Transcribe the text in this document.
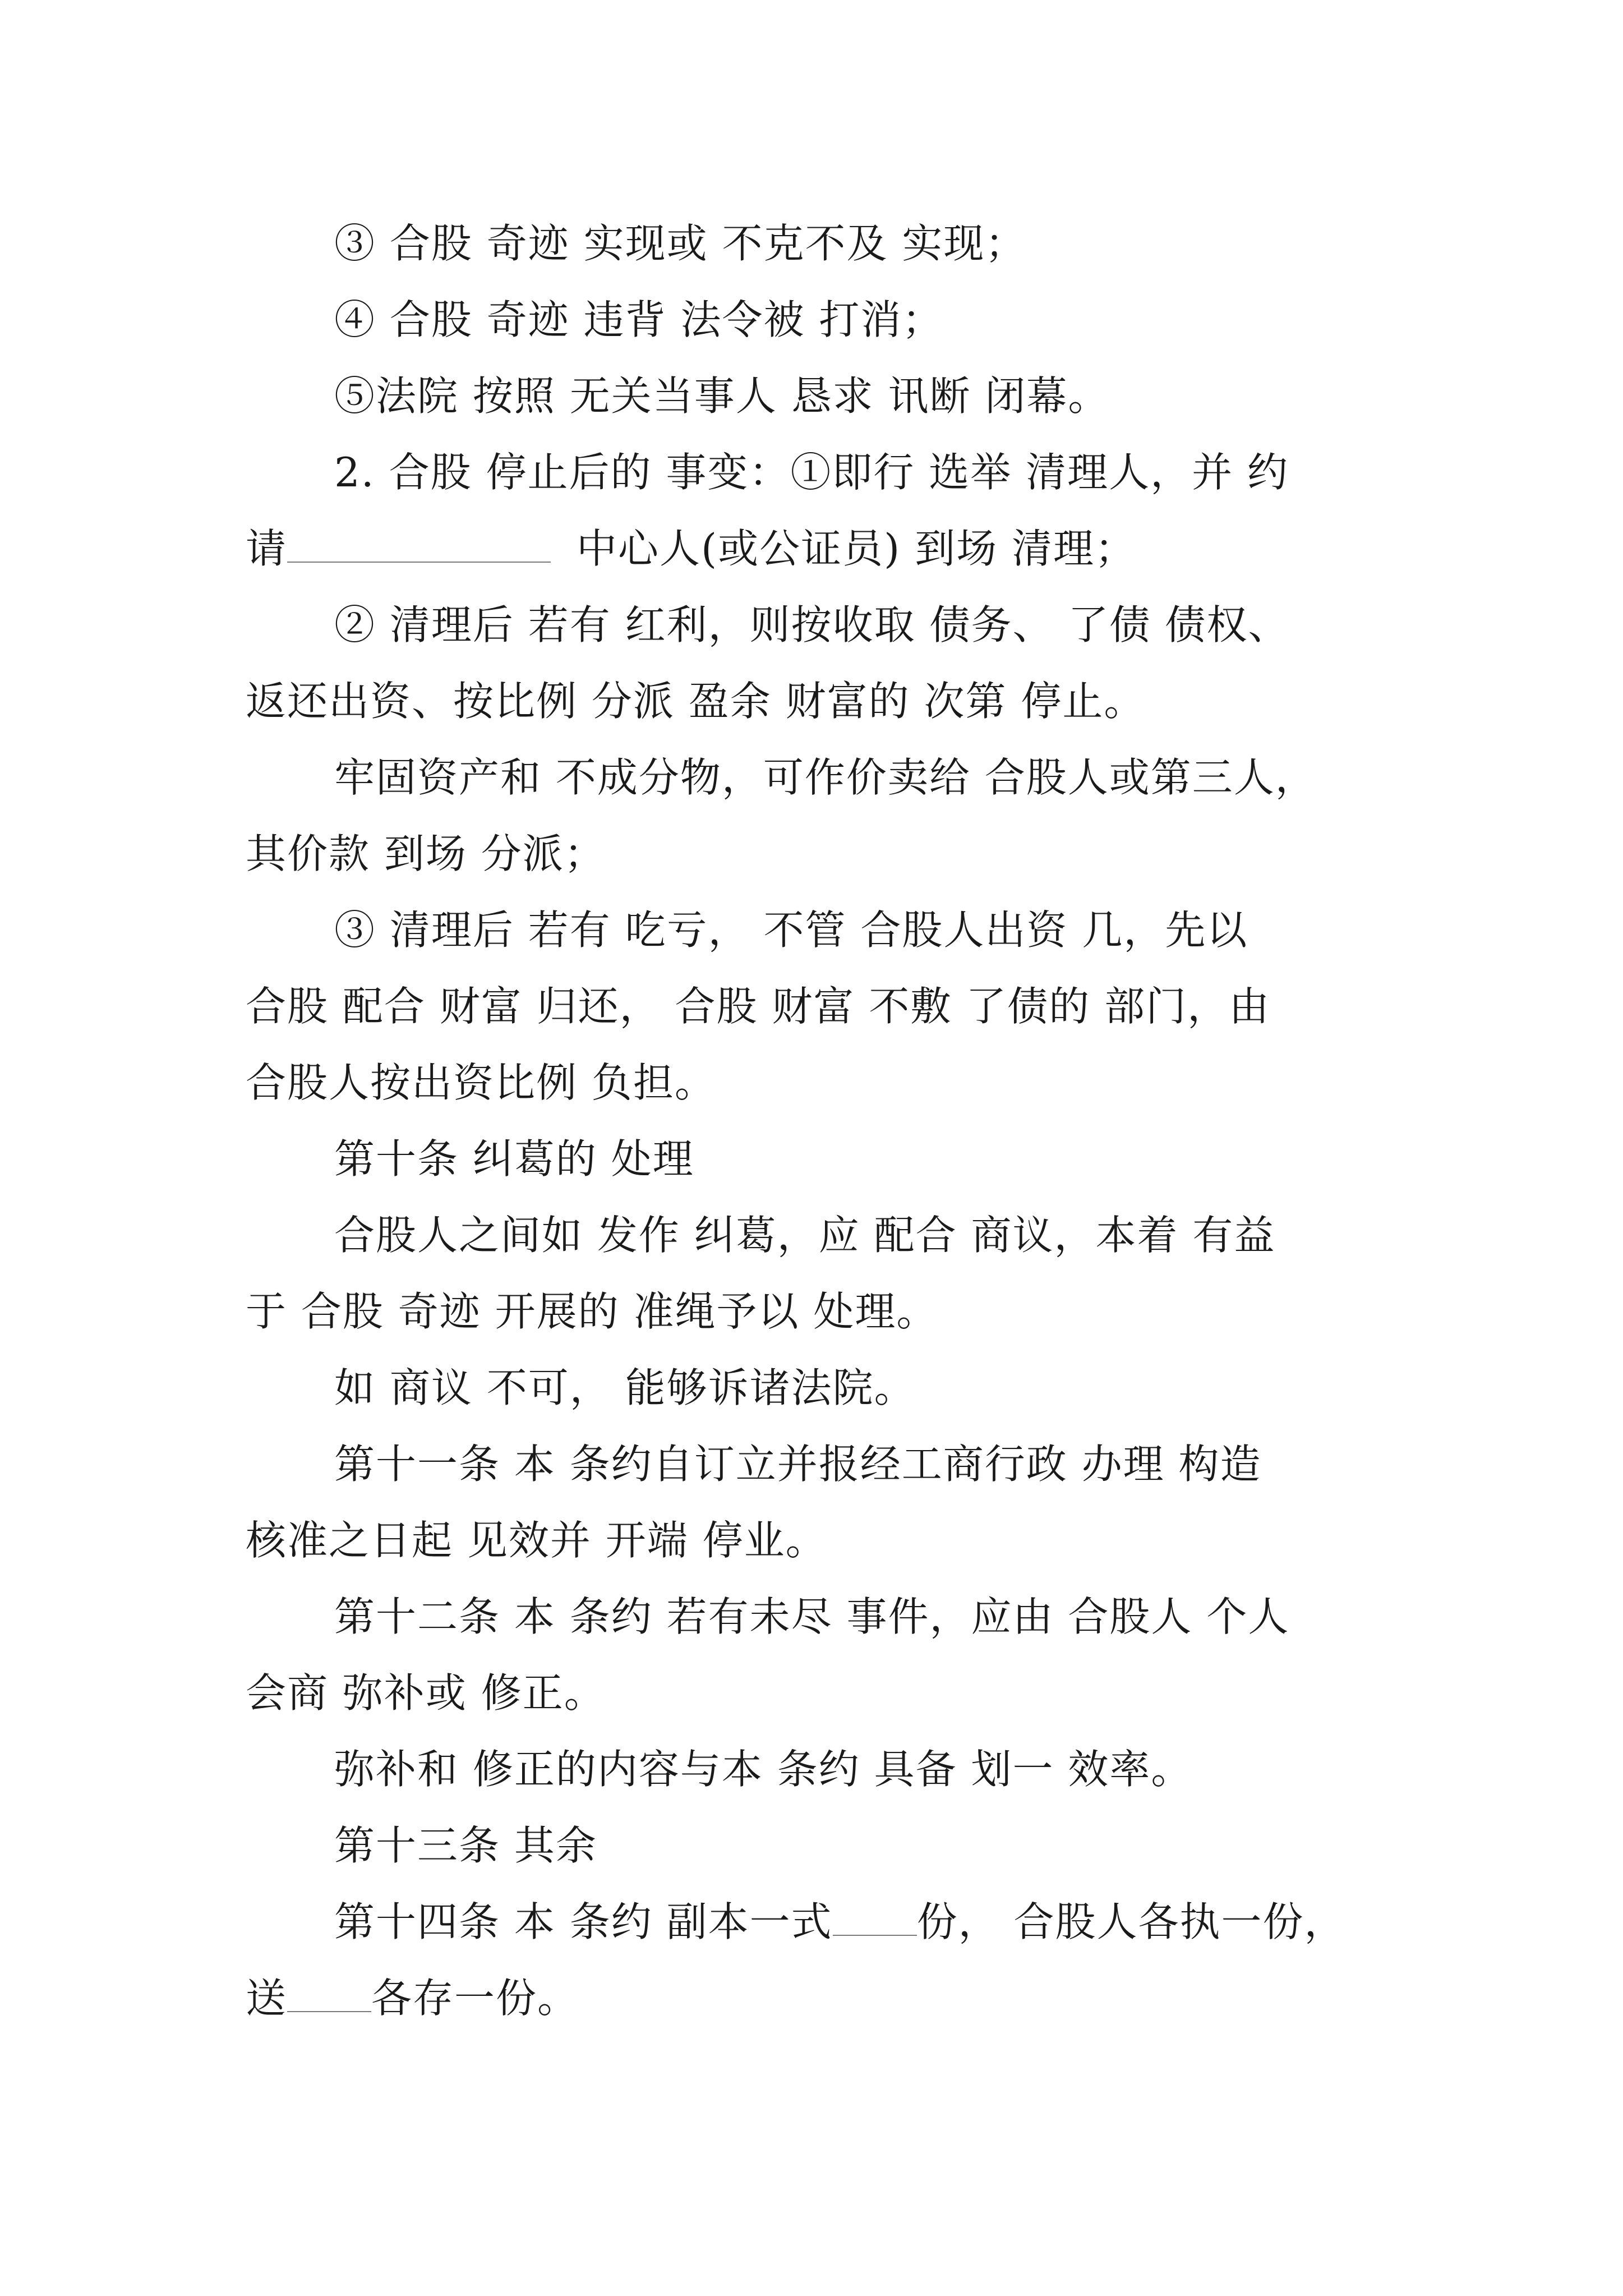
③ 合股 奇迹 实现或 不克不及 实现；
④ 合股 奇迹 违背 法令被 打消；
⑤法院 按照 无关当事人 恳求 讯断 闭幕。
2. 合股 停止后的 事变：①即行 选举 清理人，并 约
请	中心人(或公证员) 到场 清理；
② 清理后 若有 红利，则按收取 债务、 了债 债权、
返还出资、按比例 分派 盈余 财富的 次第 停止。
牢固资产和 不成分物，可作价卖给 合股人或第三人，
其价款 到场 分派；
③ 清理后 若有 吃亏， 不管 合股人出资 几，先以
合股 配合 财富 归还， 合股 财富 不敷 了债的 部门，由
合股人按出资比例 负担。
第十条 纠葛的 处理
合股人之间如 发作 纠葛，应 配合 商议，本着 有益
于 合股 奇迹 开展的 准绳予以 处理。
如 商议 不可， 能够诉诸法院。
第十一条 本 条约自订立并报经工商行政 办理 构造
核准之日起 见效并 开端 停业。
第十二条 本 条约 若有未尽 事件，应由 合股人 个人
会商 弥补或 修正。
弥补和 修正的内容与本 条约 具备 划一 效率。
第十三条 其余
第十四条 本 条约 副本一式 份， 合股人各执一份，
送 各存一份。
